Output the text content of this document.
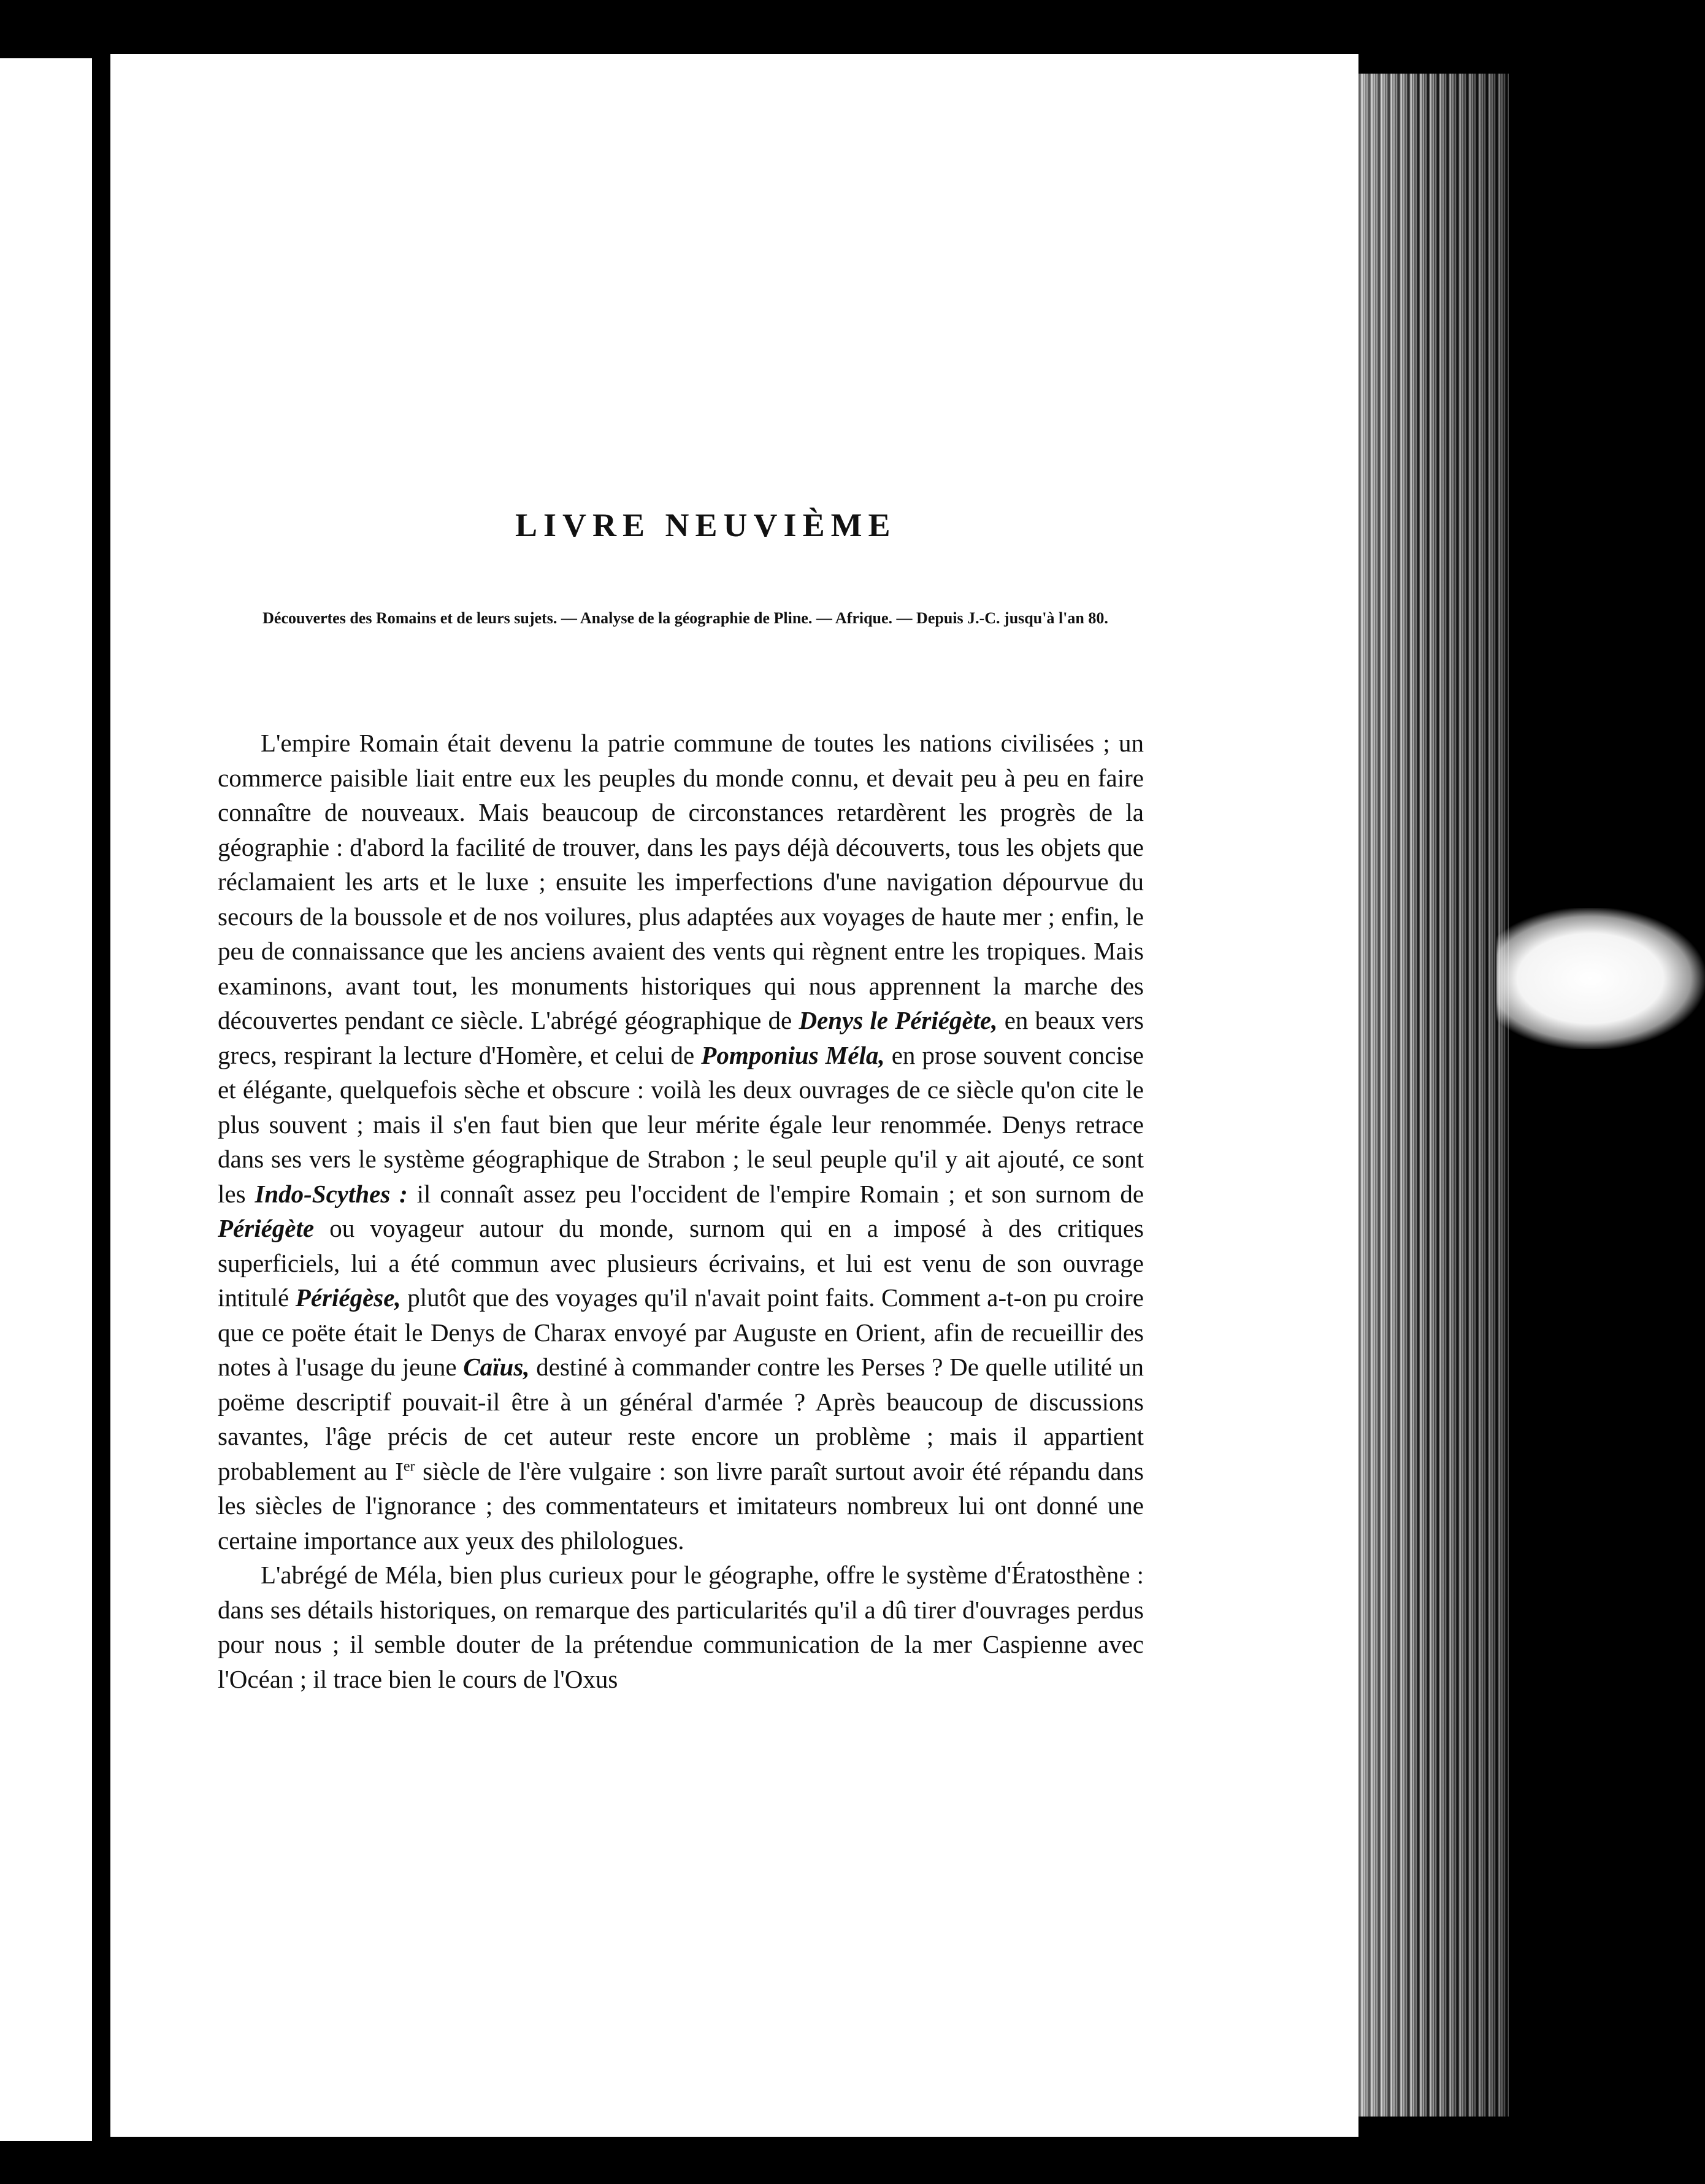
LIVRE NEUVIÈME
Découvertes des Romains et de leurs sujets. — Analyse de la géographie de Pline. — Afrique. — Depuis J.-C. jusqu'à l'an 80.

L'empire Romain était devenu la patrie commune de toutes les nations civilisées ; un commerce paisible liait entre eux les peuples du monde connu, et devait peu à peu en faire connaître de nouveaux. Mais beaucoup de circonstances retardèrent les progrès de la géographie : d'abord la facilité de trouver, dans les pays déjà découverts, tous les objets que réclamaient les arts et le luxe ; ensuite les imperfections d'une navigation dépourvue du secours de la boussole et de nos voilures, plus adaptées aux voyages de haute mer ; enfin, le peu de connaissance que les anciens avaient des vents qui règnent entre les tropiques. Mais examinons, avant tout, les monuments historiques qui nous apprennent la marche des découvertes pendant ce siècle. L'abrégé géographique de Denys le Périégète, en beaux vers grecs, respirant la lecture d'Homère, et celui de Pomponius Méla, en prose souvent concise et élégante, quelquefois sèche et obscure : voilà les deux ouvrages de ce siècle qu'on cite le plus souvent ; mais il s'en faut bien que leur mérite égale leur renommée. Denys retrace dans ses vers le système géographique de Strabon ; le seul peuple qu'il y ait ajouté, ce sont les Indo-Scythes : il connaît assez peu l'occident de l'empire Romain ; et son surnom de Périégète ou voyageur autour du monde, surnom qui en a imposé à des critiques superficiels, lui a été commun avec plusieurs écrivains, et lui est venu de son ouvrage intitulé Périégèse, plutôt que des voyages qu'il n'avait point faits. Comment a-t-on pu croire que ce poëte était le Denys de Charax envoyé par Auguste en Orient, afin de recueillir des notes à l'usage du jeune Caïus, destiné à commander contre les Perses ? De quelle utilité un poëme descriptif pouvait-il être à un général d'armée ? Après beaucoup de discussions savantes, l'âge précis de cet auteur reste encore un problème ; mais il appartient probablement au Ier siècle de l'ère vulgaire : son livre paraît surtout avoir été répandu dans les siècles de l'ignorance ; des commentateurs et imitateurs nombreux lui ont donné une certaine importance aux yeux des philologues.

L'abrégé de Méla, bien plus curieux pour le géographe, offre le système d'Ératosthène : dans ses détails historiques, on remarque des particularités qu'il a dû tirer d'ouvrages perdus pour nous ; il semble douter de la prétendue communication de la mer Caspienne avec l'Océan ; il trace bien le cours de l'Oxus
